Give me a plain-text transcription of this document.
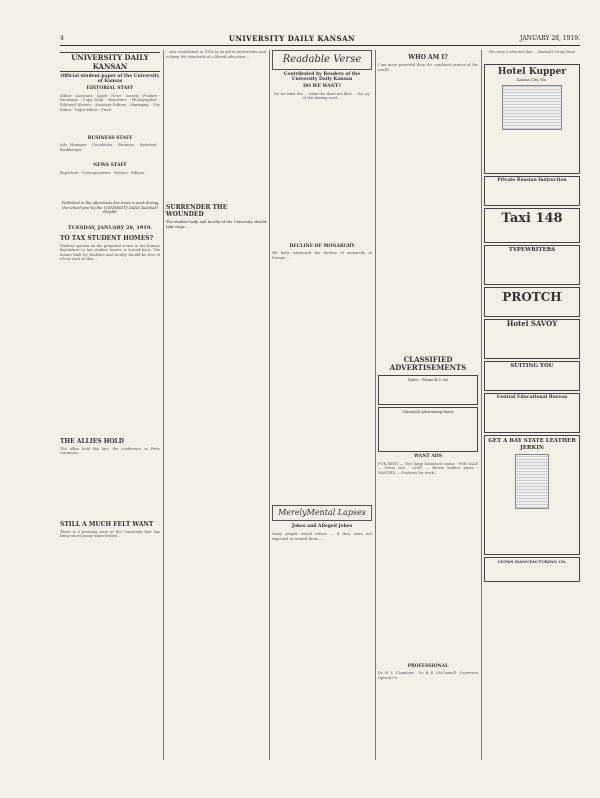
4	UNIVERSITY DAILY KANSAN	JANUARY 28, 1919.
UNIVERSITY DAILY KANSAN
Official student paper of the University of Kansas
EDITORIAL STAFF
Editor · Associate · Sport · News · Society · Feature · Exchange · Copy Desk · Reporters · Photographer · Editorial Writers · Assistant Editors · Managing · City Editor · Night Editor · Proof
BUSINESS STAFF
Adv. Manager · Circulation · Business · Assistant · Bookkeeper
NEWS STAFF
Reporters · Correspondents · Writers · Editors
Published in the afternoons five times a week during the school year by the UNIVERSITY DAILY KANSAN BOARD
TUESDAY, JANUARY 28, 1919.
TO TAX STUDENT HOMES?
Student opinion on the proposed action in the Kansas legislature to tax student homes is voiced here. The homes built by students and faculty should be free of a levy such as this...
THE ALLIES HOLD
The allies hold the line; the conference at Paris continues...
STILL A MUCH FELT WANT
There is a pressing want at the University that has been voiced many times before...
...was established in 1918 as an aid to universities and to keep the standards of a liberal education...
SURRENDER THE WOUNDED
The student body and faculty of the University should take steps...
Readable Verse
Contributed by Readers of the University Daily Kansan
DO WE WANT?
Do we want the ... when the skies are blue ... the joy of the shining road ...
DECLINE OF MONARCHY
We have witnessed the decline of monarchy in Europe...
MerelyMental Lapses
Jokes and Alleged Jokes
Many people would refuse ... if they were not expected to reward them ...
WHO AM I?
I am more powerful than the combined armies of the world...
CLASSIFIED ADVERTISEMENTS
Rates · Phone K.U. 66
Classified Advertising Rates
WANT ADS
FOR RENT — Two large furnished rooms · FOR SALE — Dress suit · LOST — Brown leather purse · WANTED — Students for work...
PROFESSIONAL
Dr. H. L. Chambers · Dr. R. E. McConnell · Lawrence Optical Co.
We carry a selected line ... Rankin's Drug Store
Hotel Kupper
Kansas City, Mo.
Private Russian Instruction
Taxi 148
TYPEWRITERS
PROTCH
Hotel SAVOY
SUITING YOU
Central Educational Bureau
GET A BAY STATE LEATHER JERKIN
LYONS MANUFACTURING CO.
